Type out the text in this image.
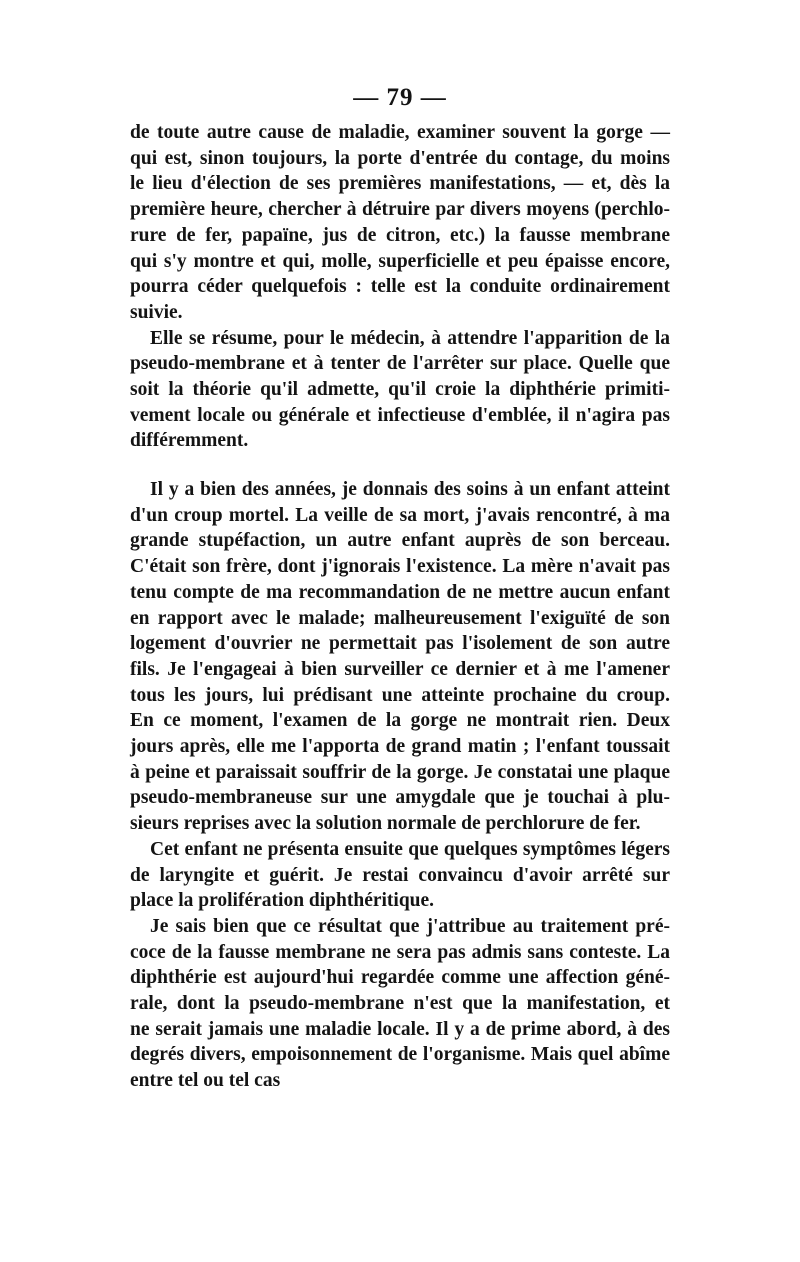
— 79 —
de toute autre cause de maladie, examiner souvent la gorge —
qui est, sinon toujours, la porte d'entrée du contage, du moins
le lieu d'élection de ses premières manifestations, — et, dès la
première heure, chercher à détruire par divers moyens (perchlo-
rure de fer, papaïne, jus de citron, etc.) la fausse membrane
qui s'y montre et qui, molle, superficielle et peu épaisse encore,
pourra céder quelquefois : telle est la conduite ordinairement
suivie.
Elle se résume, pour le médecin, à attendre l'apparition de la
pseudo-membrane et à tenter de l'arrêter sur place. Quelle que
soit la théorie qu'il admette, qu'il croie la diphthérie primiti-
vement locale ou générale et infectieuse d'emblée, il n'agira pas
différemment.
Il y a bien des années, je donnais des soins à un enfant atteint
d'un croup mortel. La veille de sa mort, j'avais rencontré, à ma
grande stupéfaction, un autre enfant auprès de son berceau.
C'était son frère, dont j'ignorais l'existence. La mère n'avait pas
tenu compte de ma recommandation de ne mettre aucun enfant
en rapport avec le malade; malheureusement l'exiguïté de son
logement d'ouvrier ne permettait pas l'isolement de son autre
fils. Je l'engageai à bien surveiller ce dernier et à me l'amener
tous les jours, lui prédisant une atteinte prochaine du croup.
En ce moment, l'examen de la gorge ne montrait rien. Deux
jours après, elle me l'apporta de grand matin ; l'enfant toussait
à peine et paraissait souffrir de la gorge. Je constatai une plaque
pseudo-membraneuse sur une amygdale que je touchai à plu-
sieurs reprises avec la solution normale de perchlorure de fer.
Cet enfant ne présenta ensuite que quelques symptômes légers
de laryngite et guérit. Je restai convaincu d'avoir arrêté sur
place la prolifération diphthéritique.
Je sais bien que ce résultat que j'attribue au traitement pré-
coce de la fausse membrane ne sera pas admis sans conteste. La
diphthérie est aujourd'hui regardée comme une affection géné-
rale, dont la pseudo-membrane n'est que la manifestation, et
ne serait jamais une maladie locale. Il y a de prime abord, à des
degrés divers, empoisonnement de l'organisme. Mais quel abîme
entre tel ou tel cas
